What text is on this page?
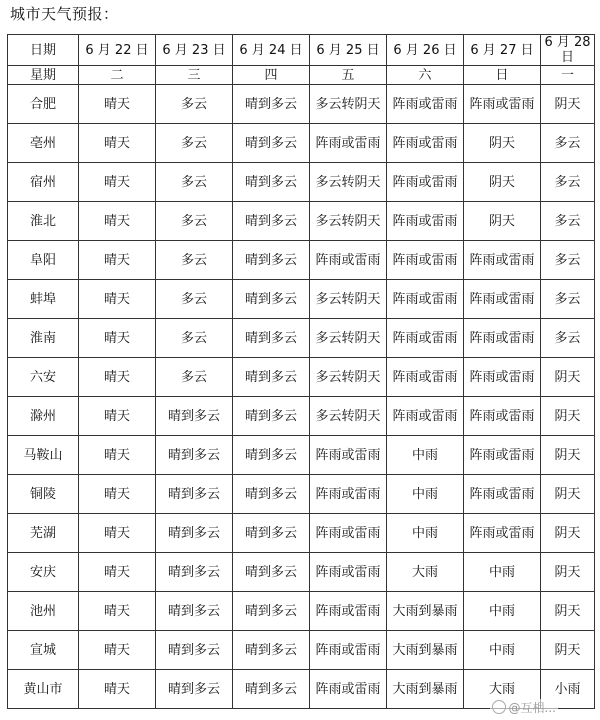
城市天气预报：
日期	6 月 22 日	6 月 23 日	6 月 24 日	6 月 25 日	6 月 26 日	6 月 27 日	6 月 28 日
星期	二	三	四	五	六	日	一
合肥	晴天	多云	晴到多云	多云转阴天	阵雨或雷雨	阵雨或雷雨	阴天
亳州	晴天	多云	晴到多云	阵雨或雷雨	阵雨或雷雨	阴天	多云
宿州	晴天	多云	晴到多云	多云转阴天	阵雨或雷雨	阴天	多云
淮北	晴天	多云	晴到多云	多云转阴天	阵雨或雷雨	阴天	多云
阜阳	晴天	多云	晴到多云	阵雨或雷雨	阵雨或雷雨	阵雨或雷雨	多云
蚌埠	晴天	多云	晴到多云	多云转阴天	阵雨或雷雨	阵雨或雷雨	多云
淮南	晴天	多云	晴到多云	多云转阴天	阵雨或雷雨	阵雨或雷雨	多云
六安	晴天	多云	晴到多云	多云转阴天	阵雨或雷雨	阵雨或雷雨	阴天
滁州	晴天	晴到多云	晴到多云	多云转阴天	阵雨或雷雨	阵雨或雷雨	阴天
马鞍山	晴天	晴到多云	晴到多云	阵雨或雷雨	中雨	阵雨或雷雨	阴天
铜陵	晴天	晴到多云	晴到多云	阵雨或雷雨	中雨	阵雨或雷雨	阴天
芜湖	晴天	晴到多云	晴到多云	阵雨或雷雨	中雨	阵雨或雷雨	阴天
安庆	晴天	晴到多云	晴到多云	阵雨或雷雨	大雨	中雨	阴天
池州	晴天	晴到多云	晴到多云	阵雨或雷雨	大雨到暴雨	中雨	阴天
宣城	晴天	晴到多云	晴到多云	阵雨或雷雨	大雨到暴雨	中雨	阴天
黄山市	晴天	晴到多云	晴到多云	阵雨或雷雨	大雨到暴雨	大雨	小雨
@互相...
